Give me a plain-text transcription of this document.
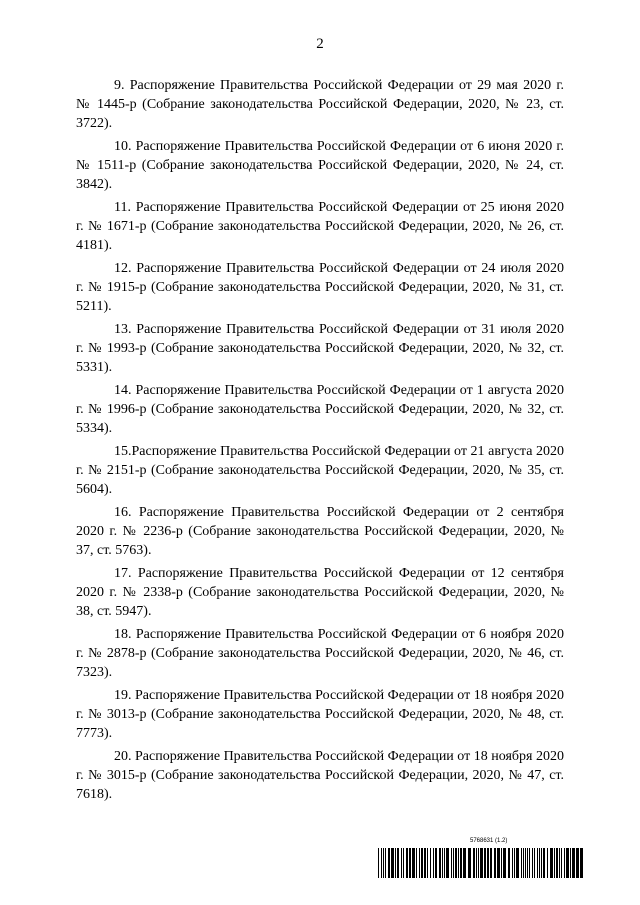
2

9. Распоряжение Правительства Российской Федерации от 29 мая 2020 г. № 1445-р (Собрание законодательства Российской Федерации, 2020, № 23, ст. 3722).

10. Распоряжение Правительства Российской Федерации от 6 июня 2020 г. № 1511-р (Собрание законодательства Российской Федерации, 2020, № 24, ст. 3842).

11. Распоряжение Правительства Российской Федерации от 25 июня 2020 г. № 1671-р (Собрание законодательства Российской Федерации, 2020, № 26, ст. 4181).

12. Распоряжение Правительства Российской Федерации от 24 июля 2020 г. № 1915-р (Собрание законодательства Российской Федерации, 2020, № 31, ст. 5211).

13. Распоряжение Правительства Российской Федерации от 31 июля 2020 г. № 1993-р (Собрание законодательства Российской Федерации, 2020, № 32, ст. 5331).

14. Распоряжение Правительства Российской Федерации от 1 августа 2020 г. № 1996-р (Собрание законодательства Российской Федерации, 2020, № 32, ст. 5334).

15.Распоряжение Правительства Российской Федерации от 21 августа 2020 г. № 2151-р (Собрание законодательства Российской Федерации, 2020, № 35, ст. 5604).

16. Распоряжение Правительства Российской Федерации от 2 сентября 2020 г. № 2236-р (Собрание законодательства Российской Федерации, 2020, № 37, ст. 5763).

17. Распоряжение Правительства Российской Федерации от 12 сентября 2020 г. № 2338-р (Собрание законодательства Российской Федерации, 2020, № 38, ст. 5947).

18. Распоряжение Правительства Российской Федерации от 6 ноября 2020 г. № 2878-р (Собрание законодательства Российской Федерации, 2020, № 46, ст. 7323).

19. Распоряжение Правительства Российской Федерации от 18 ноября 2020 г. № 3013-р (Собрание законодательства Российской Федерации, 2020, № 48, ст. 7773).

20. Распоряжение Правительства Российской Федерации от 18 ноября 2020 г. № 3015-р (Собрание законодательства Российской Федерации, 2020, № 47, ст. 7618).

5768631 (1.2)
